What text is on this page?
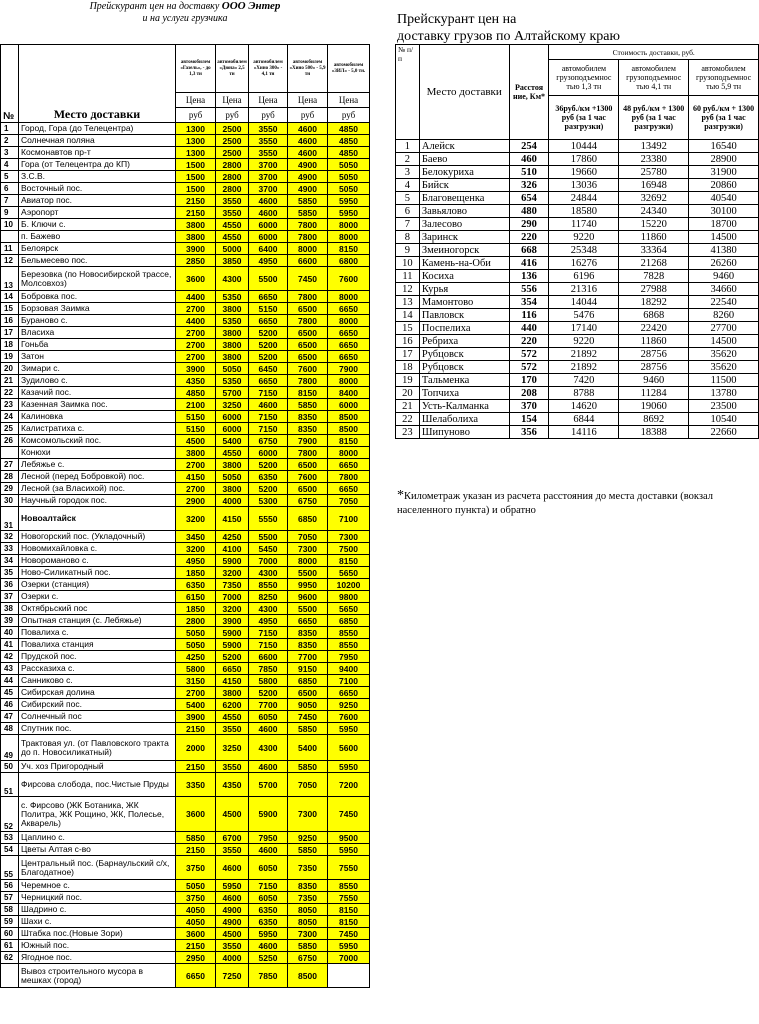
Прейскурант цен на доставку ООО Энтер
и на услуги грузчика
№	Место доставки	автомобилем «Газель», - до 1,3 тн	автомобилем «Дюна» 2,5 тн	автомобилем «Хино 300» - 4,1 тн	автомобилем «Хино 500» - 5,9 тн	автомобилем «ЗИЛ» - 5,0 тн.
		Цена	Цена	Цена	Цена	Цена
		руб	руб	руб	руб	руб
1	Город, Гора (до Телецентра)	1300	2500	3550	4600	4850
2	Солнечная поляна	1300	2500	3550	4600	4850
3	Космонавтов пр-т	1300	2500	3550	4600	4850
4	Гора (от Телецентра до КП)	1500	2800	3700	4900	5050
5	З.С.В.	1500	2800	3700	4900	5050
6	Восточный пос.	1500	2800	3700	4900	5050
7	Авиатор пос.	2150	3550	4600	5850	5950
9	Аэропорт	2150	3550	4600	5850	5950
10	Б. Ключи с.	3800	4550	6000	7800	8000
	п. Бажево	3800	4550	6000	7800	8000
11	Белоярск	3900	5000	6400	8000	8150
12	Бельмесево пос.	2850	3850	4950	6600	6800
13	Березовка (по Новосибирской трассе, Молсовхоз)	3600	4300	5500	7450	7600
14	Бобровка пос.	4400	5350	6650	7800	8000
15	Борзовая Заимка	2700	3800	5150	6500	6650
16	Бураново с.	4400	5350	6650	7800	8000
17	Власиха	2700	3800	5200	6500	6650
18	Гоньба	2700	3800	5200	6500	6650
19	Затон	2700	3800	5200	6500	6650
20	Зимари с.	3900	5050	6450	7600	7900
21	Зудилово с.	4350	5350	6650	7800	8000
22	Казачий пос.	4850	5700	7150	8150	8400
23	Казенная Заимка пос.	2100	3250	4600	5850	6000
24	Калиновка	5150	6000	7150	8350	8500
25	Калистратиха с.	5150	6000	7150	8350	8500
26	Комсомольский пос.	4500	5400	6750	7900	8150
	Конюхи	3800	4550	6000	7800	8000
27	Лебяжье с.	2700	3800	5200	6500	6650
28	Лесной (перед Бобровкой) пос.	4150	5050	6350	7600	7800
29	Лесной (за Власихой) пос.	2700	3800	5200	6500	6650
30	Научный городок пос.	2900	4000	5300	6750	7050
31	Новоалтайск	3200	4150	5550	6850	7100
32	Новогорский пос. (Укладочный)	3450	4250	5500	7050	7300
33	Новомихайловка с.	3200	4100	5450	7300	7500
34	Новороманово с.	4950	5900	7000	8000	8150
35	Ново-Силикатный пос.	1850	3200	4300	5500	5650
36	Озерки (станция)	6350	7350	8550	9950	10200
37	Озерки с.	6150	7000	8250	9600	9800
38	Октябрьский пос	1850	3200	4300	5500	5650
39	Опытная станция (с. Лебяжье)	2800	3900	4950	6650	6850
40	Повалиха с.	5050	5900	7150	8350	8550
41	Повалиха станция	5050	5900	7150	8350	8550
42	Прудской пос.	4250	5200	6600	7700	7950
43	Рассказиха с.	5800	6650	7850	9150	9400
44	Санниково с.	3150	4150	5800	6850	7100
45	Сибирская долина	2700	3800	5200	6500	6650
46	Сибирский пос.	5400	6200	7700	9050	9250
47	Солнечный пос	3900	4550	6050	7450	7600
48	Спутник пос.	2150	3550	4600	5850	5950
49	Трактовая ул. (от Павловского тракта до п. Новосиликатный)	2000	3250	4300	5400	5600
50	Уч. хоз Пригородный	2150	3550	4600	5850	5950
51	Фирсова слобода, пос.Чистые Пруды	3350	4350	5700	7050	7200
52	с. Фирсово (ЖК Ботаника, ЖК Политра, ЖК Рощино, ЖК, Полесье, Акварель)	3600	4500	5900	7300	7450
53	Цаплино с.	5850	6700	7950	9250	9500
54	Цветы Алтая с-во	2150	3550	4600	5850	5950
55	Центральный пос. (Барнаульский с/х, Благодатное)	3750	4600	6050	7350	7550
56	Черемное с.	5050	5950	7150	8350	8550
57	Черницкий пос.	3750	4600	6050	7350	7550
58	Шадрино с.	4050	4900	6350	8050	8150
59	Шахи с.	4050	4900	6350	8050	8150
60	Штабка пос.(Новые Зори)	3600	4500	5950	7300	7450
61	Южный пос.	2150	3550	4600	5850	5950
62	Ягодное пос.	2950	4000	5250	6750	7000
	Вывоз строительного мусора в мешках (город)	6650	7250	7850	8500	
Прейскурант цен на
доставку грузов по Алтайскому краю
№ п/п	Место доставки	Расстоя ние, Км*	Стоимость доставки, руб.		
			автомобилем грузоподъемнос тью 1,3 тн	автомобилем грузоподъемнос тью 4,1 тн	автомобилем грузоподъемнос тью 5,9 тн
			36руб./км +1300 руб (за 1 час разгрузки)	48 руб./км + 1300 руб (за 1 час разгрузки)	60 руб./км + 1300 руб (за 1 час разгрузки)
1	Алейск	254	10444	13492	16540
2	Баево	460	17860	23380	28900
3	Белокуриха	510	19660	25780	31900
4	Бийск	326	13036	16948	20860
5	Благовещенка	654	24844	32692	40540
6	Завьялово	480	18580	24340	30100
7	Залесово	290	11740	15220	18700
8	Заринск	220	9220	11860	14500
9	Змеиногорск	668	25348	33364	41380
10	Камень-на-Оби	416	16276	21268	26260
11	Косиха	136	6196	7828	9460
12	Курья	556	21316	27988	34660
13	Мамонтово	354	14044	18292	22540
14	Павловск	116	5476	6868	8260
15	Поспелиха	440	17140	22420	27700
16	Ребриха	220	9220	11860	14500
17	Рубцовск	572	21892	28756	35620
18	Рубцовск	572	21892	28756	35620
19	Тальменка	170	7420	9460	11500
20	Топчиха	208	8788	11284	13780
21	Усть-Калманка	370	14620	19060	23500
22	Шелаболиха	154	6844	8692	10540
23	Шипуново	356	14116	18388	22660
*Километраж указан из расчета расстояния до места доставки (вокзал населенного пункта) и обратно
